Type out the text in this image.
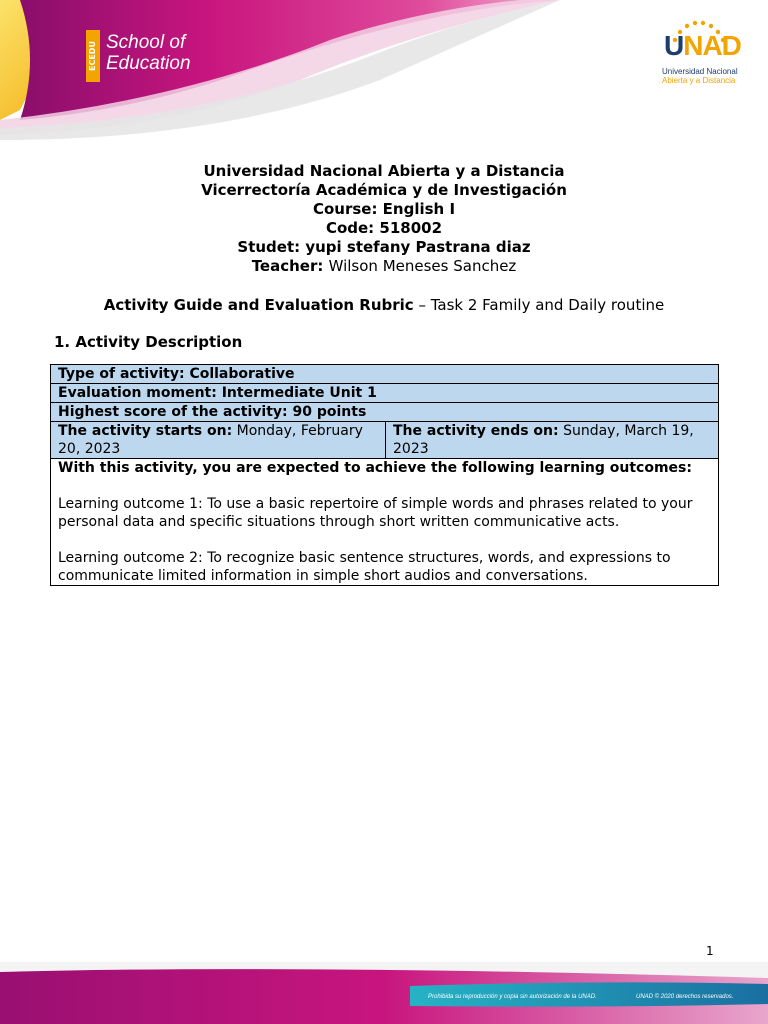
ECEDU School of
Education
UNAD
Universidad Nacional
Abierta y a Distancia
Universidad Nacional Abierta y a Distancia
Vicerrectoría Académica y de Investigación
Course: English I
Code: 518002
Studet: yupi stefany Pastrana diaz
Teacher: Wilson Meneses Sanchez
Activity Guide and Evaluation Rubric – Task 2 Family and Daily routine
1. Activity Description
Type of activity: Collaborative
Evaluation moment: Intermediate Unit 1
Highest score of the activity: 90 points
The activity starts on: Monday, February 20, 2023	The activity ends on: Sunday, March 19, 2023

With this activity, you are expected to achieve the following learning outcomes:
Learning outcome 1: To use a basic repertoire of simple words and phrases related to your personal data and specific situations through short written communicative acts.
Learning outcome 2: To recognize basic sentence structures, words, and expressions to communicate limited information in simple short audios and conversations.
1
Prohibida su reproducción y copia sin autorización de la UNAD.	UNAD © 2020 derechos reservados.
